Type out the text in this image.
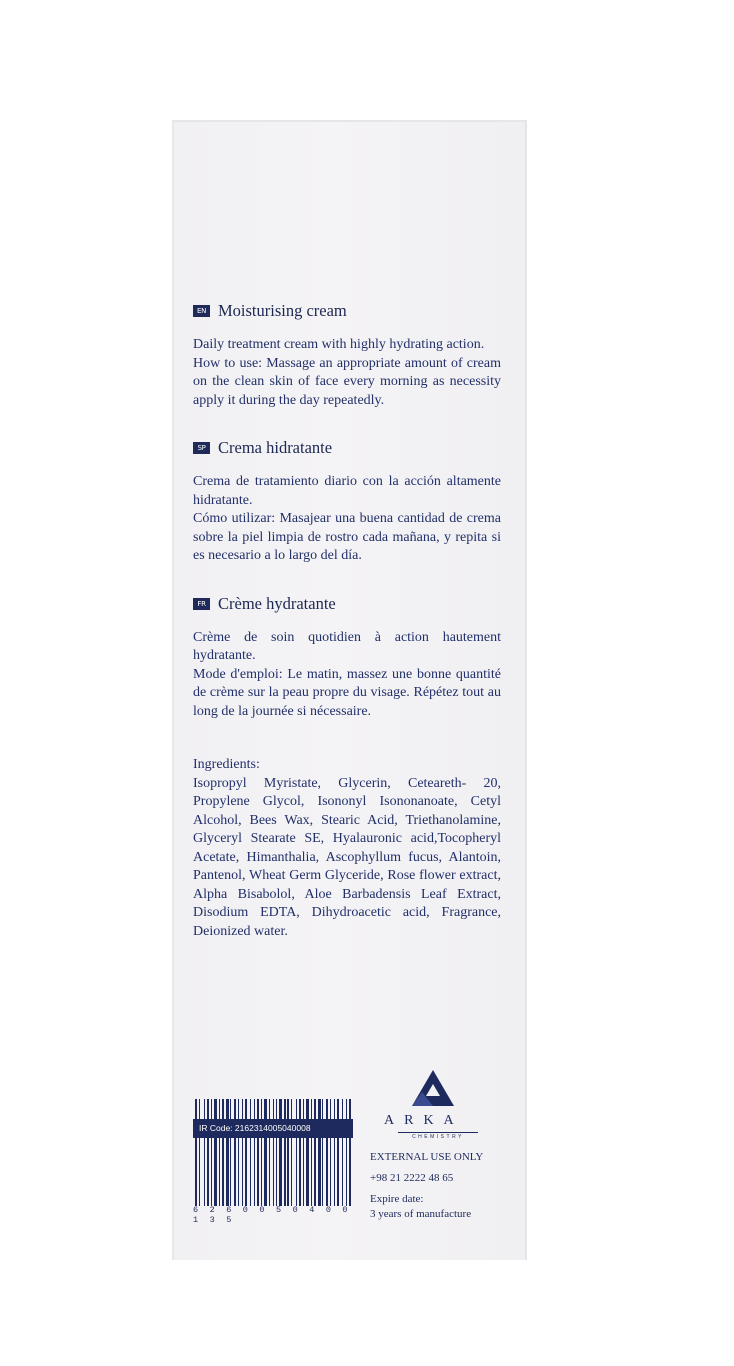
EN Moisturising cream

Daily treatment cream with highly hydrating action.

How to use: Massage an appropriate amount of cream on the clean skin of face every morning as necessity apply it during the day repeatedly.

SP Crema hidratante

Crema de tratamiento diario con la acción altamente hidratante.

Cómo utilizar: Masajear una buena cantidad de crema sobre la piel limpia de rostro cada mañana, y repita si es necesario a lo largo del día.

FR Crème hydratante

Crème de soin quotidien à action hautement hydratante.

Mode d'emploi: Le matin, massez une bonne quantité de crème sur la peau propre du visage. Répétez tout au long de la journée si nécessaire.

Ingredients:

Isopropyl Myristate, Glycerin, Ceteareth- 20, Propylene Glycol, Isononyl Isononanoate, Cetyl Alcohol, Bees Wax, Stearic Acid, Triethanolamine, Glyceryl Stearate SE, Hyalauronic acid,Tocopheryl Acetate, Himanthalia, Ascophyllum fucus, Alantoin, Pantenol, Wheat Germ Glyceride, Rose flower extract, Alpha Bisabolol, Aloe Barbadensis Leaf Extract, Disodium EDTA, Dihydroacetic acid, Fragrance, Deionized water.

IR Code: 2162314005040008
6 2 6 0 0 5 0 4 0 0 1 3 5
ARKA
CHEMISTRY
EXTERNAL USE ONLY
+98 21 2222 48 65
Expire date:
3 years of manufacture
